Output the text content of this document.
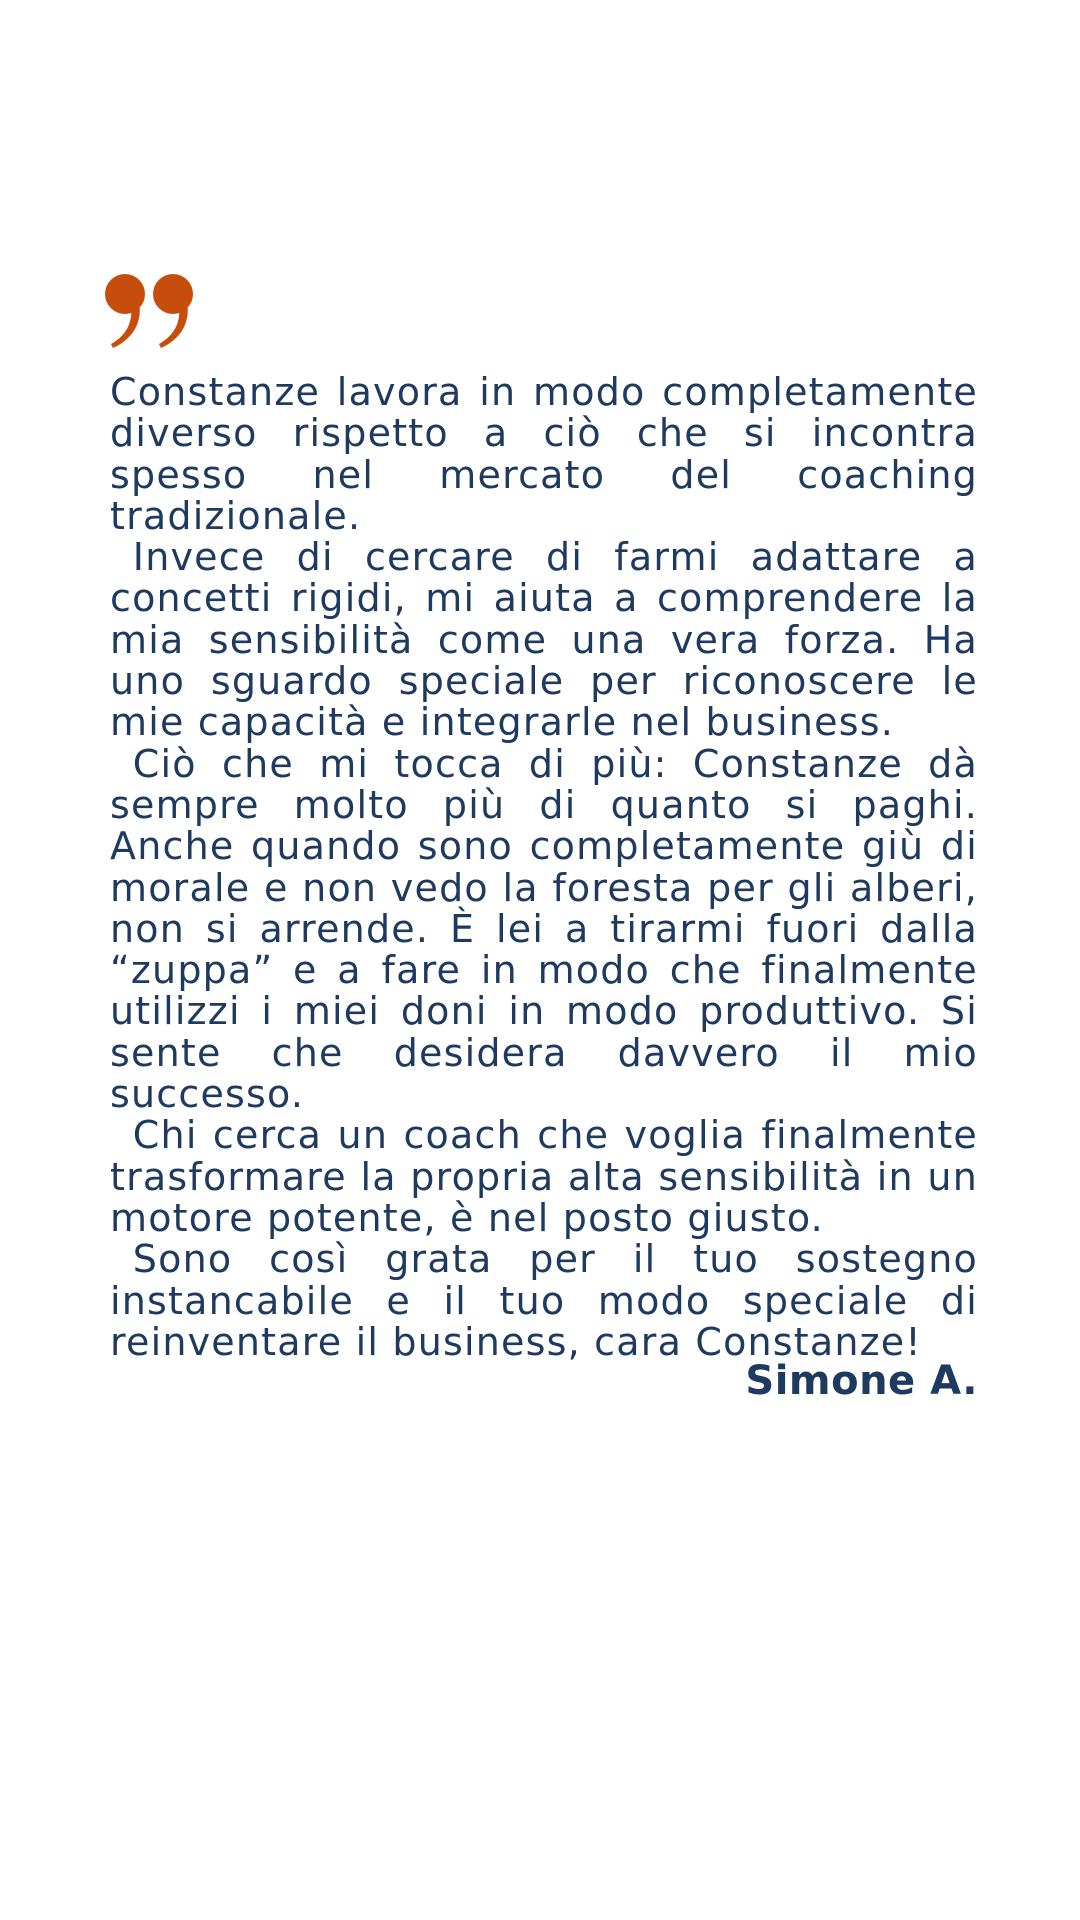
Constanze lavora in modo completamente diverso rispetto a ciò che si incontra spesso nel mercato del coaching tradizionale.

Invece di cercare di farmi adattare a concetti rigidi, mi aiuta a comprendere la mia sensibilità come una vera forza. Ha uno sguardo speciale per riconoscere le mie capacità e integrarle nel business.

Ciò che mi tocca di più: Constanze dà sempre molto più di quanto si paghi. Anche quando sono completamente giù di morale e non vedo la foresta per gli alberi, non si arrende. È lei a tirarmi fuori dalla “zuppa” e a fare in modo che finalmente utilizzi i miei doni in modo produttivo. Si sente che desidera davvero il mio successo.

Chi cerca un coach che voglia finalmente trasformare la propria alta sensibilità in un motore potente, è nel posto giusto.

Sono così grata per il tuo sostegno instancabile e il tuo modo speciale di reinventare il business, cara Constanze!

Simone A.
